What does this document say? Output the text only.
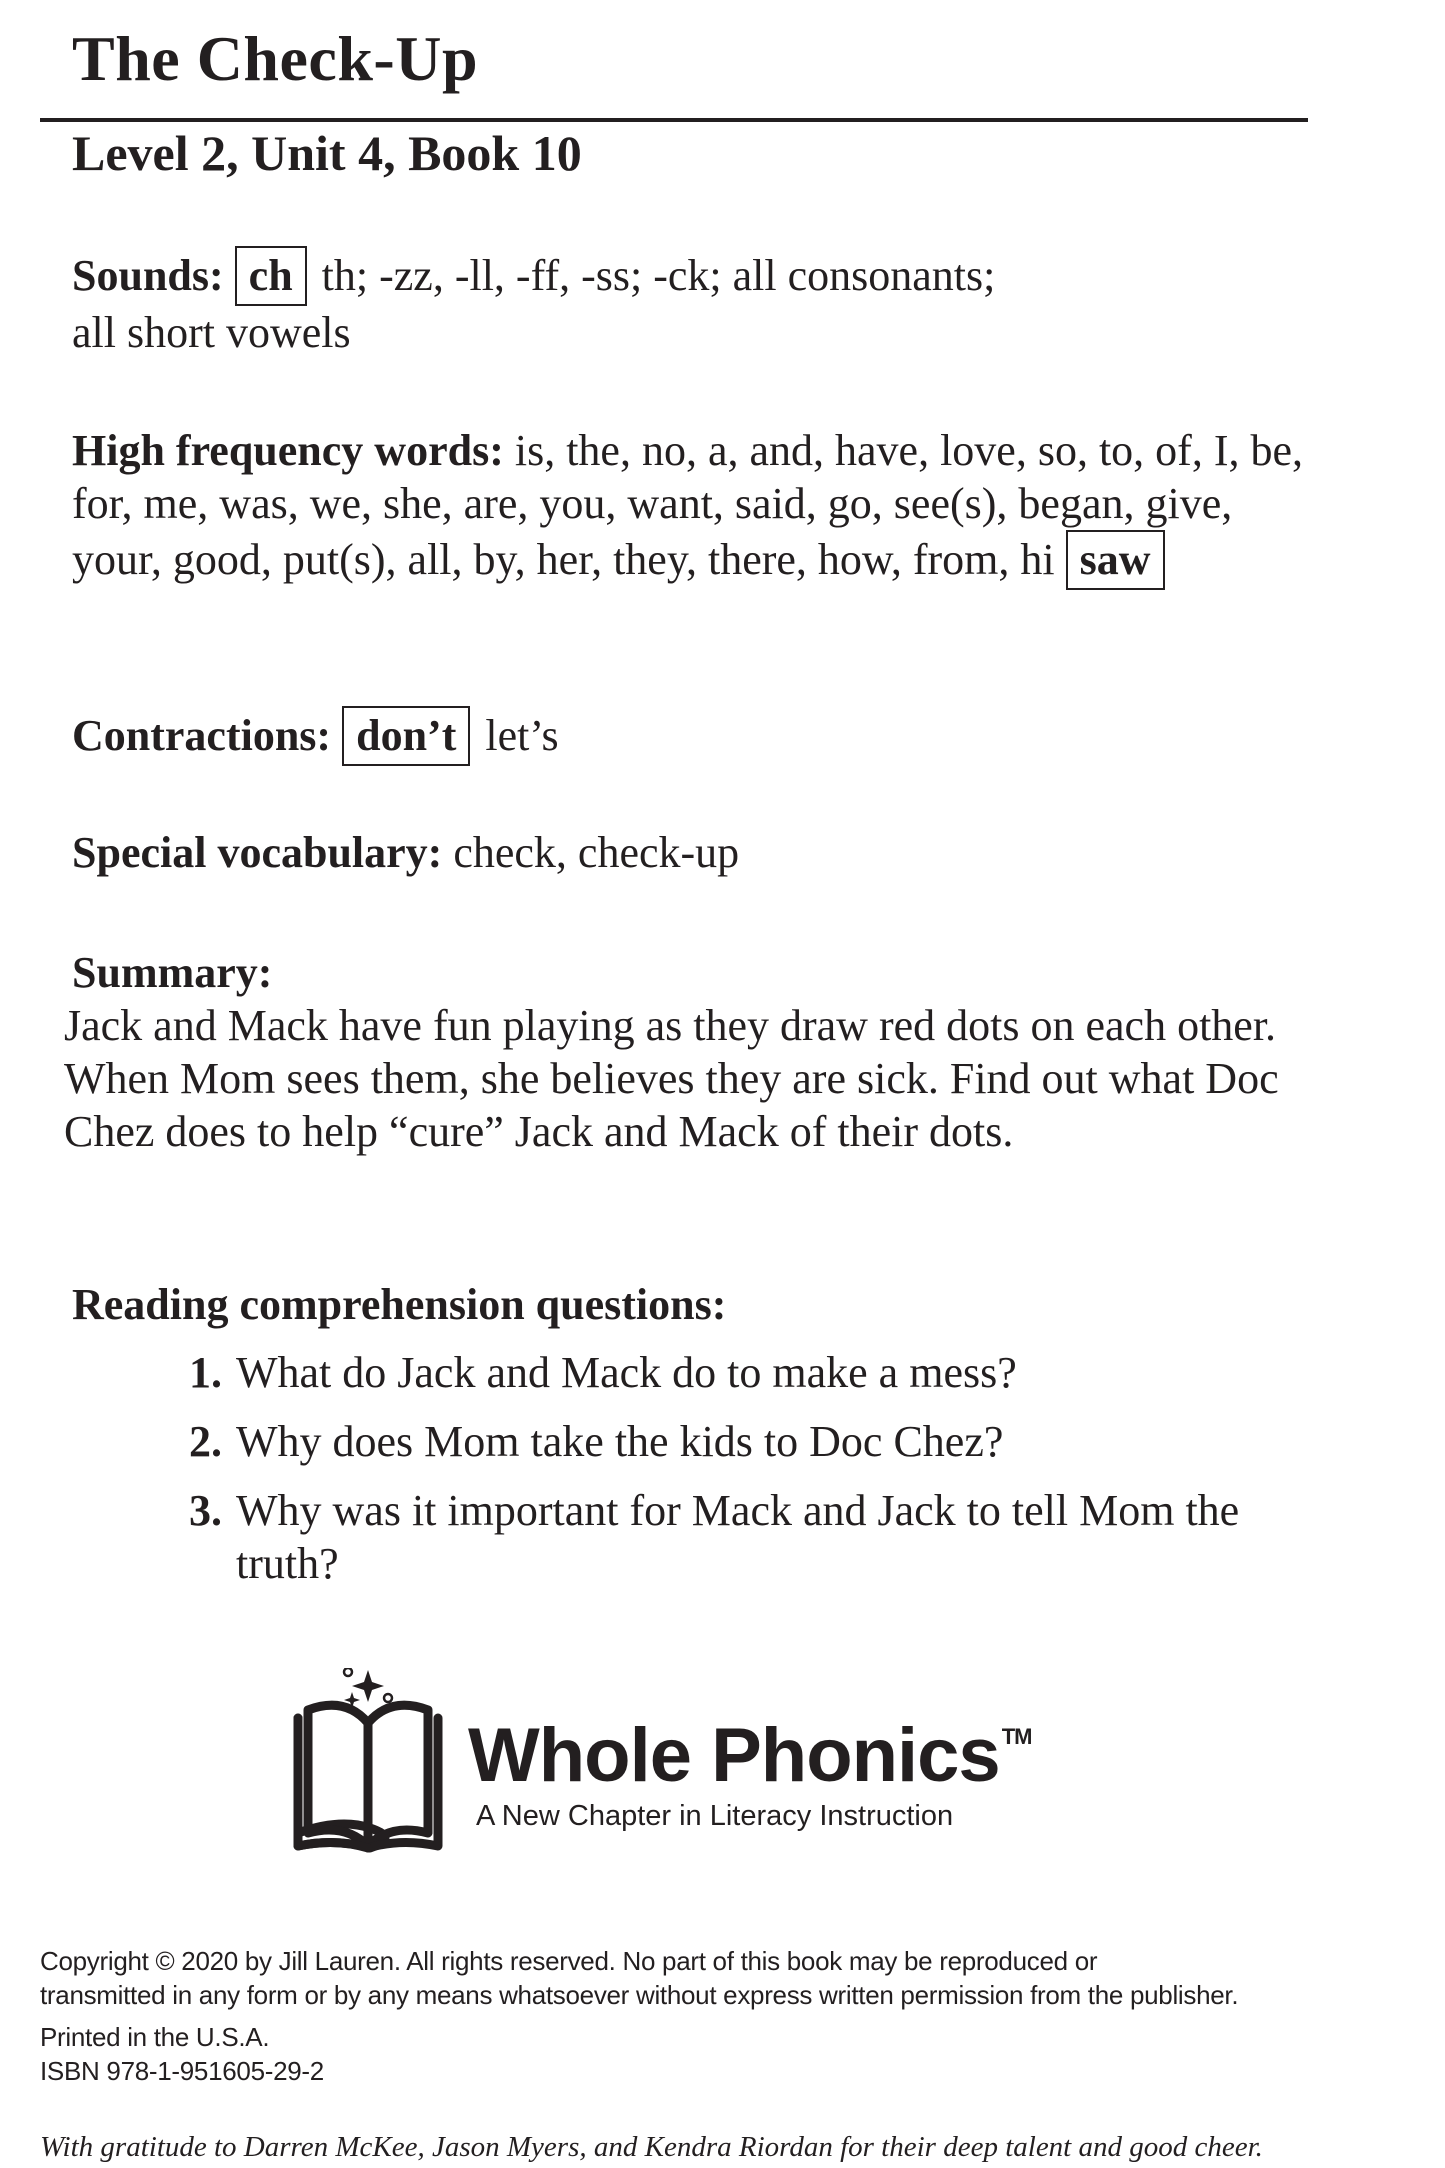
The Check-Up
Level 2, Unit 4, Book 10
Sounds: ch th; -zz, -ll, -ff, -ss; -ck; all consonants;
all short vowels
High frequency words: is, the, no, a, and, have, love, so, to, of, I, be, for, me, was, we, she, are, you, want, said, go, see(s), began, give, your, good, put(s), all, by, her, they, there, how, from, hi saw
Contractions: don’t let’s
Special vocabulary: check, check-up
Summary:
Jack and Mack have fun playing as they draw red dots on each other. When Mom sees them, she believes they are sick. Find out what Doc Chez does to help “cure” Jack and Mack of their dots.
Reading comprehension questions:
1. What do Jack and Mack do to make a mess?
2. Why does Mom take the kids to Doc Chez?
3. Why was it important for Mack and Jack to tell Mom the truth?
Whole Phonics™
A New Chapter in Literacy Instruction
Copyright © 2020 by Jill Lauren. All rights reserved. No part of this book may be reproduced or
transmitted in any form or by any means whatsoever without express written permission from the publisher.
Printed in the U.S.A.
ISBN 978-1-951605-29-2
With gratitude to Darren McKee, Jason Myers, and Kendra Riordan for their deep talent and good cheer.
